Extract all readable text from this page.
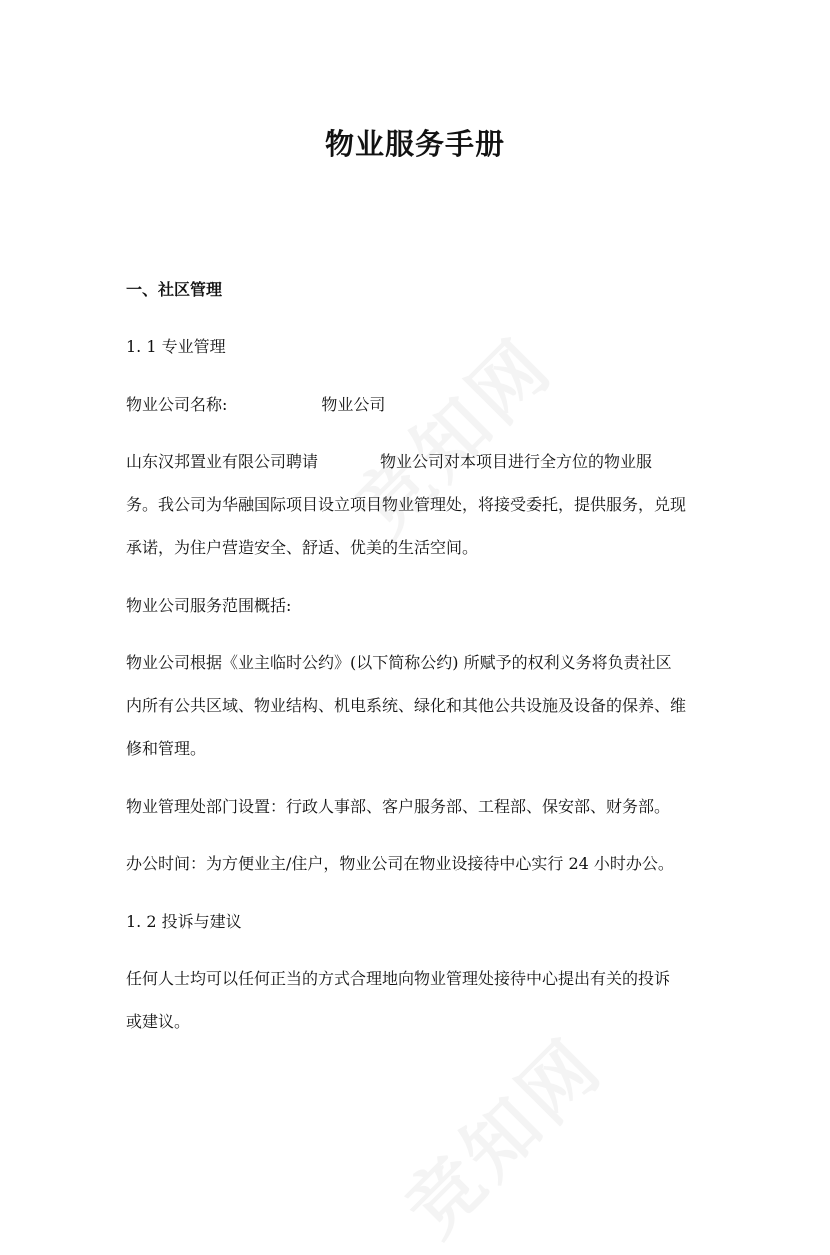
物业服务手册

一、社区管理

1. 1 专业管理

物业公司名称:	物业公司

山东汉邦置业有限公司聘请	物业公司对本项目进行全方位的物业服

务。我公司为华融国际项目设立项目物业管理处，将接受委托，提供服务，兑现

承诺，为住户营造安全、舒适、优美的生活空间。

物业公司服务范围概括:

物业公司根据《业主临时公约》(以下简称公约) 所赋予的权利义务将负责社区

内所有公共区域、物业结构、机电系统、绿化和其他公共设施及设备的保养、维

修和管理。

物业管理处部门设置：行政人事部、客户服务部、工程部、保安部、财务部。

办公时间：为方便业主/住户，物业公司在物业设接待中心实行 24 小时办公。

1. 2 投诉与建议

任何人士均可以任何正当的方式合理地向物业管理处接待中心提出有关的投诉

或建议。
